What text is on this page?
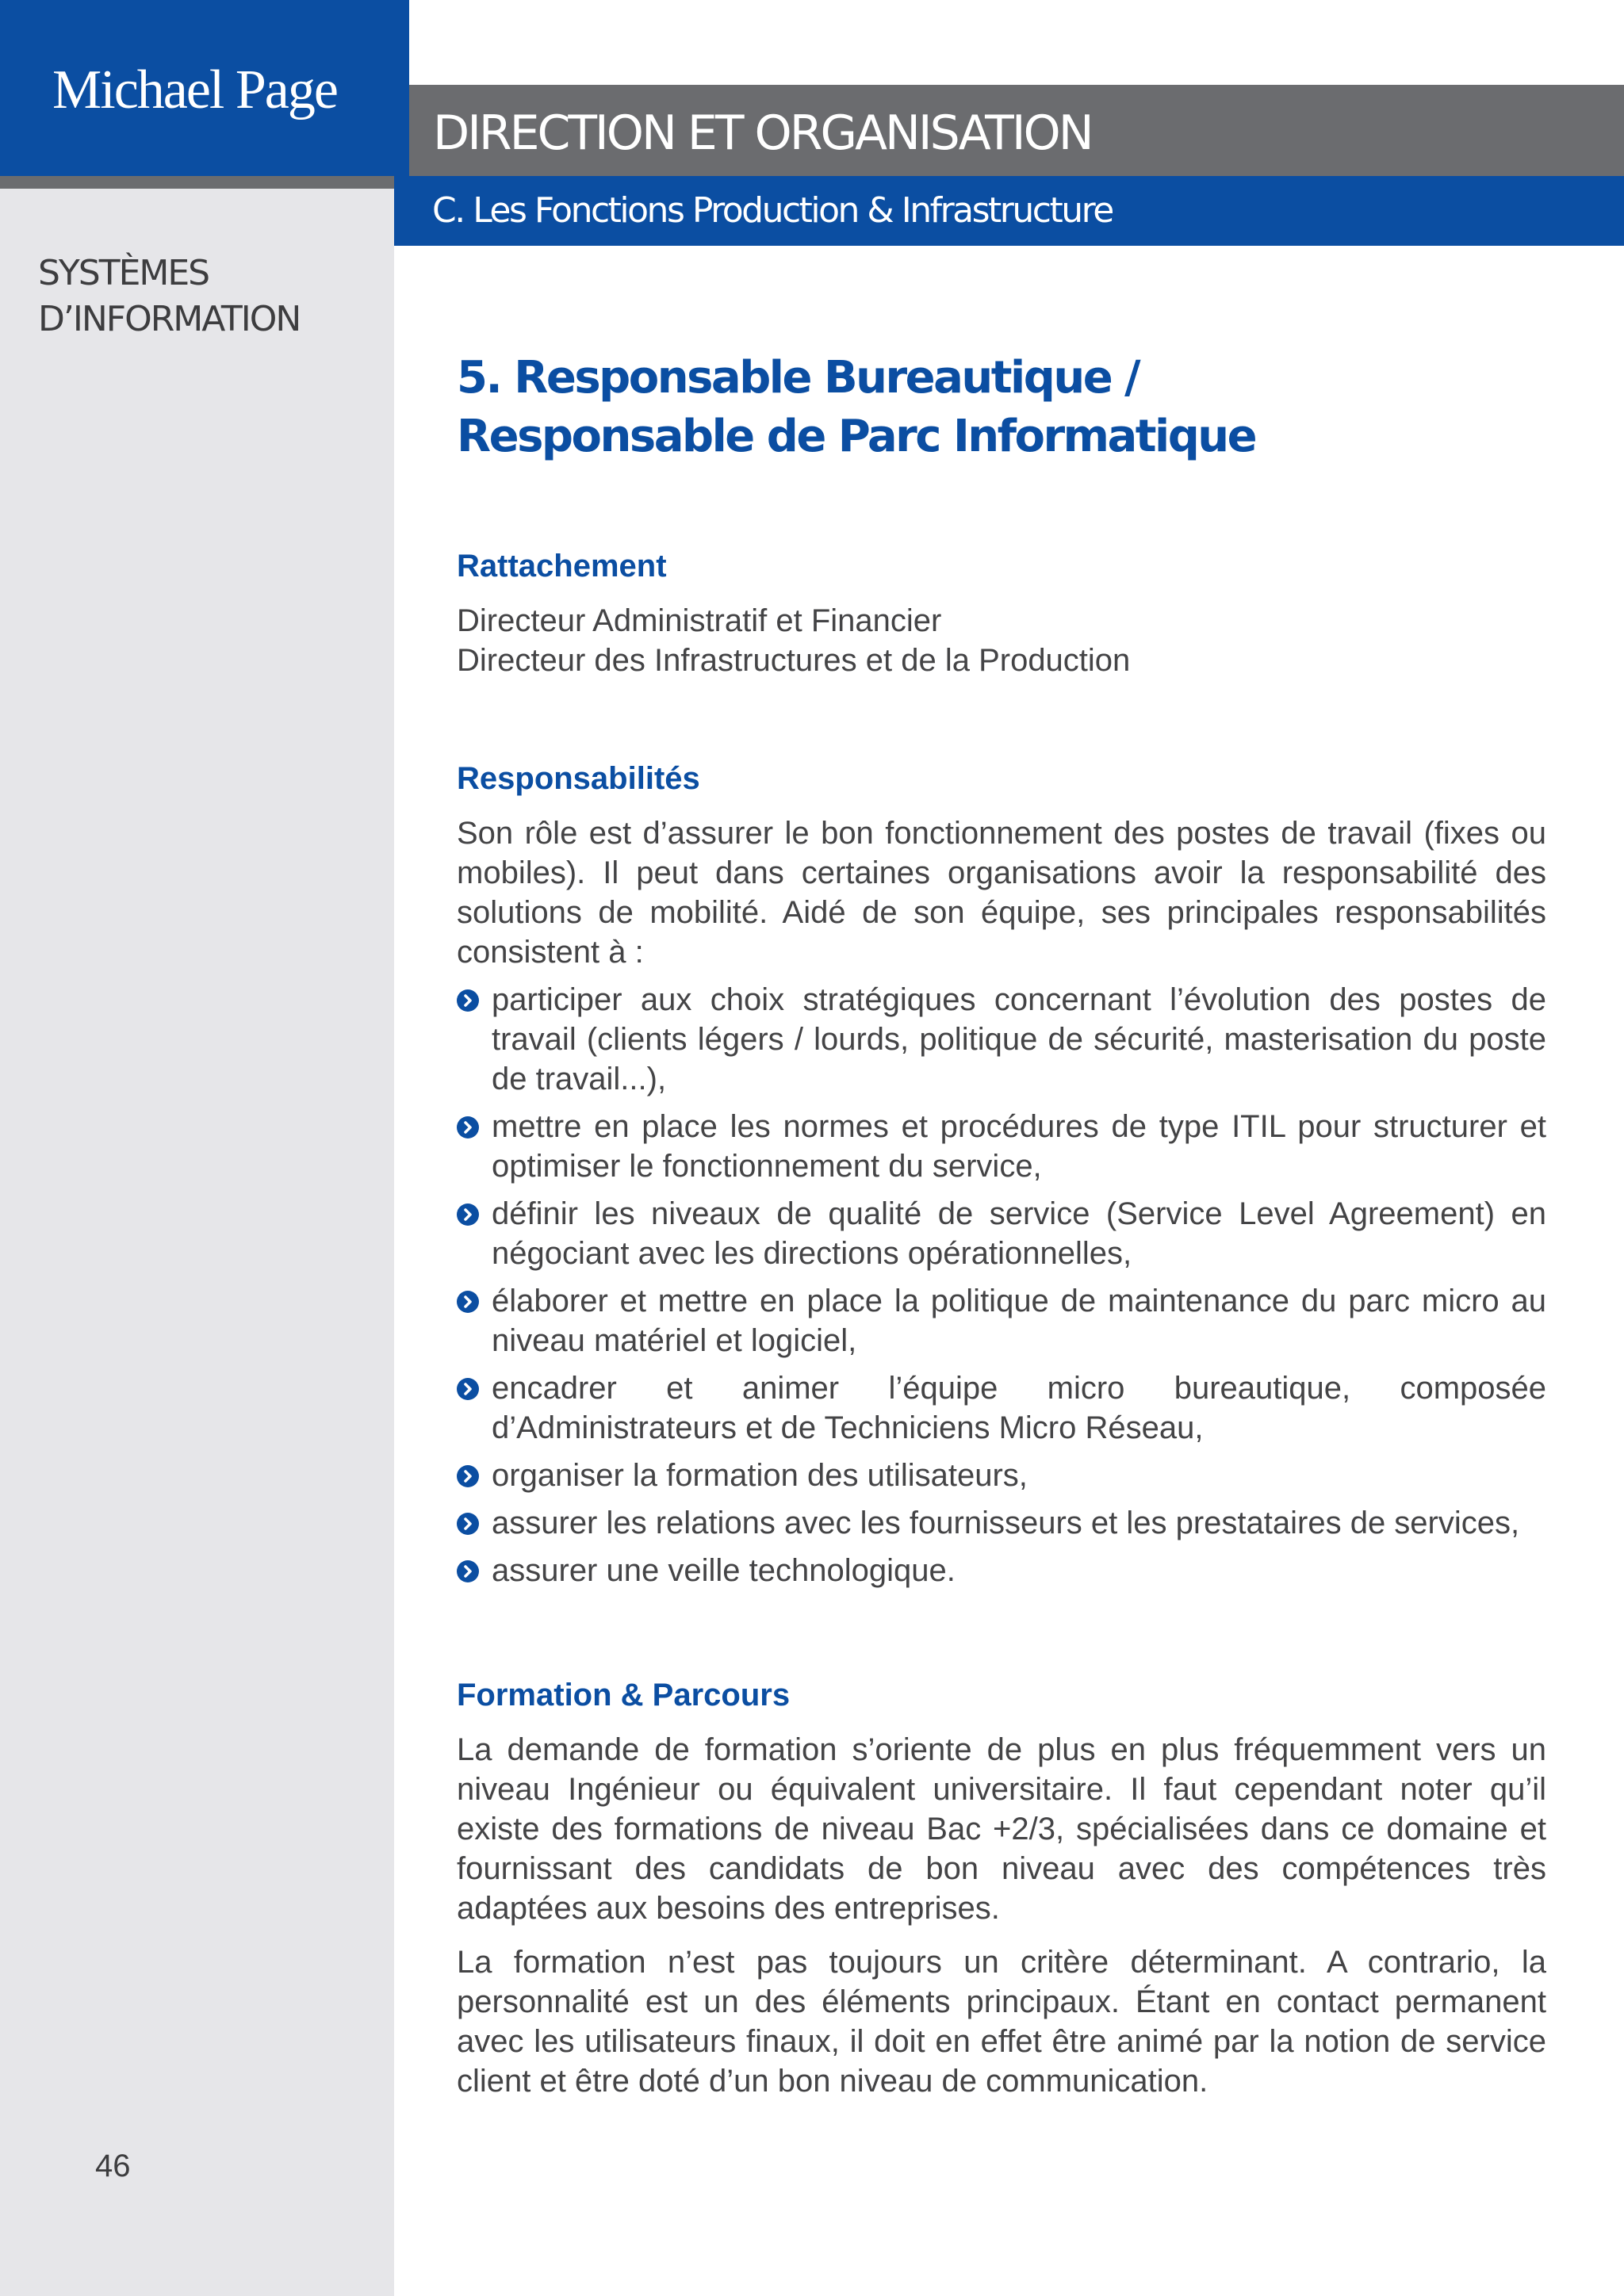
Michael Page
DIRECTION ET ORGANISATION
C. Les Fonctions Production & Infrastructure
SYSTÈMES
D’INFORMATION
46
5. Responsable Bureautique /
Responsable de Parc Informatique
Rattachement
Directeur Administratif et Financier
Directeur des Infrastructures et de la Production
Responsabilités

Son rôle est d’assurer le bon fonctionnement des postes de travail (fixes ou mobiles). Il peut dans certaines organisations avoir la responsabilité des solutions de mobilité. Aidé de son équipe, ses principales responsabilités consistent à :

participer aux choix stratégiques concernant l’évolution des postes de travail (clients légers / lourds, politique de sécurité, masterisation du poste de travail...),
mettre en place les normes et procédures de type ITIL pour structurer et optimiser le fonctionnement du service,
définir les niveaux de qualité de service (Service Level Agreement) en négociant avec les directions opérationnelles,
élaborer et mettre en place la politique de maintenance du parc micro au niveau matériel et logiciel,
encadrer et animer l’équipe micro bureautique, composée d’Administrateurs et de Techniciens Micro Réseau,
organiser la formation des utilisateurs,
assurer les relations avec les fournisseurs et les prestataires de services,
assurer une veille technologique.
Formation & Parcours

La demande de formation s’oriente de plus en plus fréquemment vers un niveau Ingénieur ou équivalent universitaire. Il faut cependant noter qu’il existe des formations de niveau Bac +2/3, spécialisées dans ce domaine et fournissant des candidats de bon niveau avec des compétences très adaptées aux besoins des entreprises.

La formation n’est pas toujours un critère déterminant. A contrario, la personnalité est un des éléments principaux. Étant en contact permanent avec les utilisateurs finaux, il doit en effet être animé par la notion de service client et être doté d’un bon niveau de communication.
